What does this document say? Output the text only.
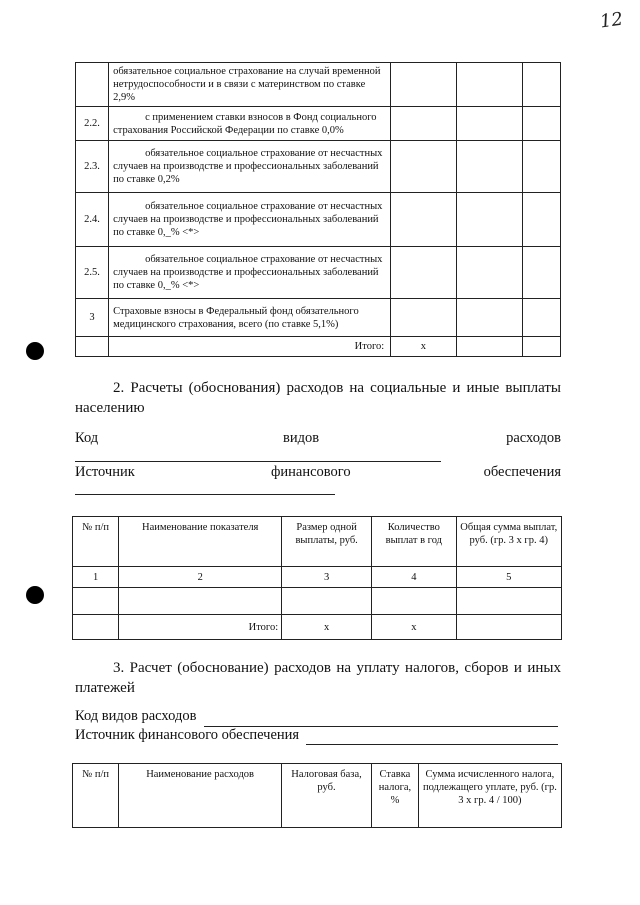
12
	обязательное социальное страхование на случай временной нетрудоспособности и в связи с материнством по ставке 2,9%			
2.2.	с применением ставки взносов в Фонд социального страхования Российской Федерации по ставке 0,0%			
2.3.	обязательное социальное страхование от несчастных случаев на производстве и профессиональных заболеваний по ставке 0,2%			
2.4.	обязательное социальное страхование от несчастных случаев на производстве и профессиональных заболеваний по ставке 0,_% <*>			
2.5.	обязательное социальное страхование от несчастных случаев на производстве и профессиональных заболеваний по ставке 0,_% <*>			
3	Страховые взносы в Федеральный фонд обязательного медицинского страхования, всего (по ставке 5,1%)			
	Итого:	х		
2. Расчеты (обоснования) расходов на социальные и иные выплаты населению
Код	видов	расходов
Источник	финансового	обеспечения
№ п/п	Наименование показателя	Размер одной выплаты, руб.	Количество выплат в год	Общая сумма выплат, руб. (гр. 3 х гр. 4)
1	2	3	4	5

	Итого:	х	х	
3. Расчет (обоснование) расходов на уплату налогов, сборов и иных платежей
Код видов расходов
Источник финансового обеспечения
№ п/п	Наименование расходов	Налоговая база, руб.	Ставка налога, %	Сумма исчисленного налога, подлежащего уплате, руб. (гр. 3 х гр. 4 / 100)
